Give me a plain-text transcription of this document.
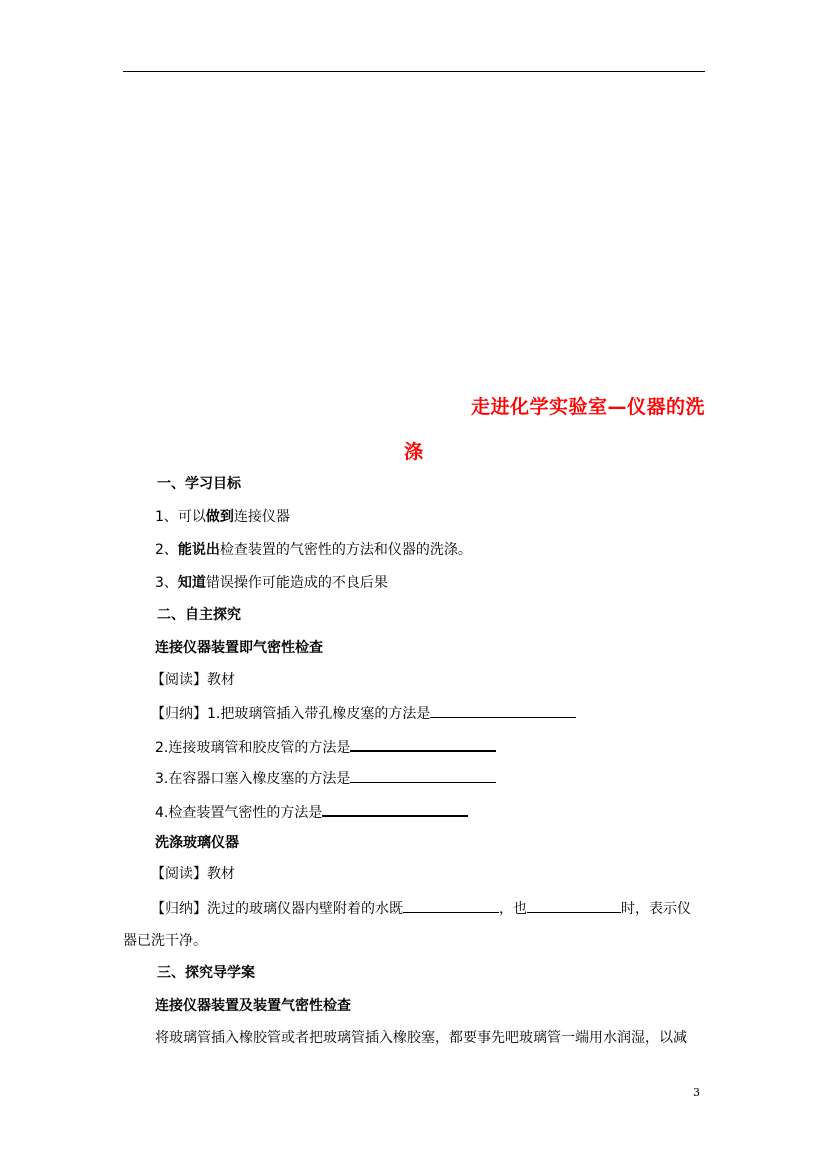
走进化学实验室—仪器的洗
涤
一、学习目标
1、可以做到连接仪器
2、能说出检查装置的气密性的方法和仪器的洗涤。
3、知道错误操作可能造成的不良后果
二、自主探究
连接仪器装置即气密性检查
【阅读】教材
【归纳】1.把玻璃管插入带孔橡皮塞的方法是
2.连接玻璃管和胶皮管的方法是
3.在容器口塞入橡皮塞的方法是
4.检查装置气密性的方法是
洗涤玻璃仪器
【阅读】教材
【归纳】洗过的玻璃仪器内壁附着的水既	，也	时，表示仪
器已洗干净。
三、探究导学案
连接仪器装置及装置气密性检查
将玻璃管插入橡胶管或者把玻璃管插入橡胶塞，都要事先吧玻璃管一端用水润湿，以减
3
